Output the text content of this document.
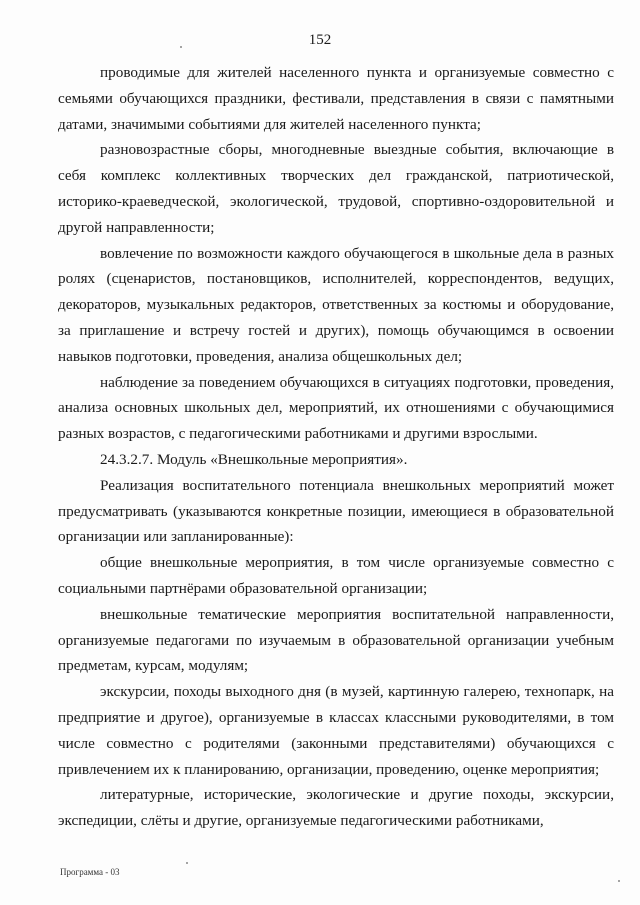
152

проводимые для жителей населенного пункта и организуемые совместно с семьями обучающихся праздники, фестивали, представления в связи с памятными датами, значимыми событиями для жителей населенного пункта;

разновозрастные сборы, многодневные выездные события, включающие в себя комплекс коллективных творческих дел гражданской, патриотической, историко-краеведческой, экологической, трудовой, спортивно-оздоровительной и другой направленности;

вовлечение по возможности каждого обучающегося в школьные дела в разных ролях (сценаристов, постановщиков, исполнителей, корреспондентов, ведущих, декораторов, музыкальных редакторов, ответственных за костюмы и оборудование, за приглашение и встречу гостей и других), помощь обучающимся в освоении навыков подготовки, проведения, анализа общешкольных дел;

наблюдение за поведением обучающихся в ситуациях подготовки, проведения, анализа основных школьных дел, мероприятий, их отношениями с обучающимися разных возрастов, с педагогическими работниками и другими взрослыми.

24.3.2.7. Модуль «Внешкольные мероприятия».

Реализация воспитательного потенциала внешкольных мероприятий может предусматривать (указываются конкретные позиции, имеющиеся в образовательной организации или запланированные):

общие внешкольные мероприятия, в том числе организуемые совместно с социальными партнёрами образовательной организации;

внешкольные тематические мероприятия воспитательной направленности, организуемые педагогами по изучаемым в образовательной организации учебным предметам, курсам, модулям;

экскурсии, походы выходного дня (в музей, картинную галерею, технопарк, на предприятие и другое), организуемые в классах классными руководителями, в том числе совместно с родителями (законными представителями) обучающихся с привлечением их к планированию, организации, проведению, оценке мероприятия;

литературные, исторические, экологические и другие походы, экскурсии, экспедиции, слёты и другие, организуемые педагогическими работниками,

Программа - 03
